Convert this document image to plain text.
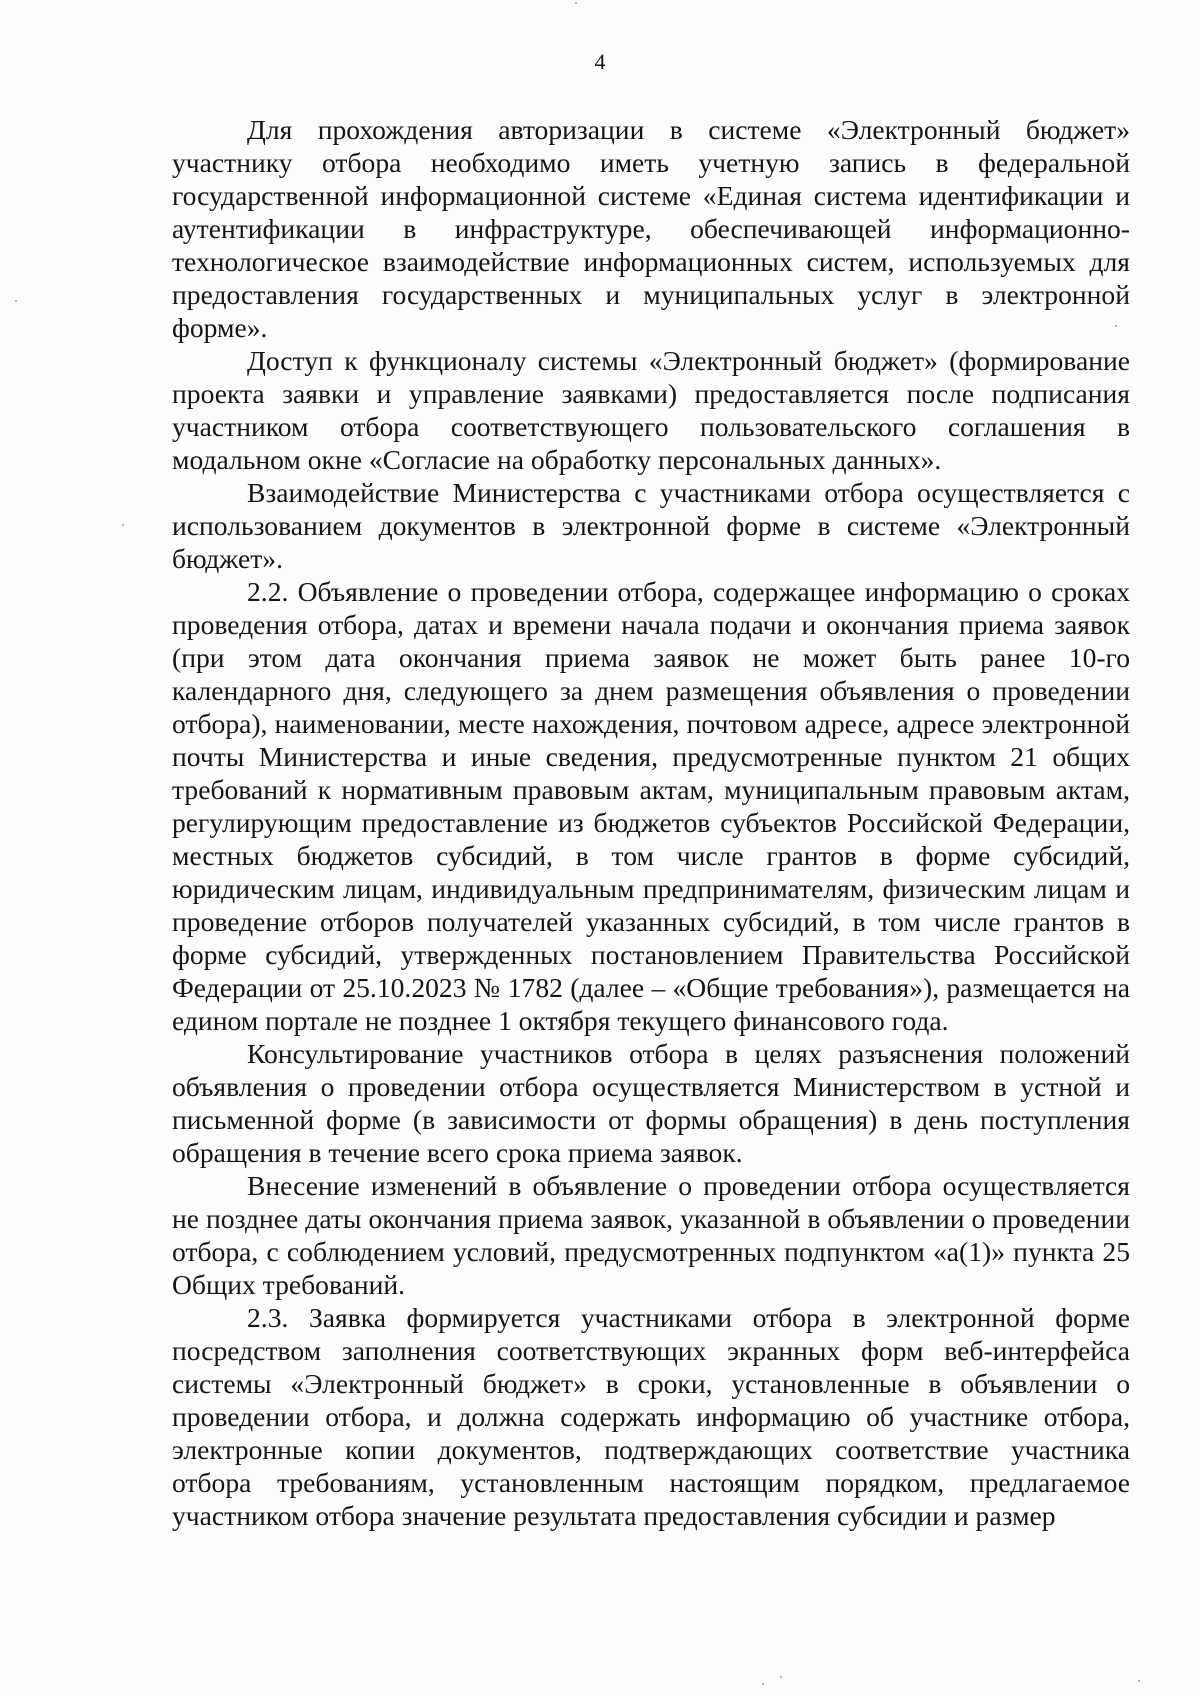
4

Для прохождения авторизации в системе «Электронный бюджет» участнику отбора необходимо иметь учетную запись в федеральной государственной информационной системе «Единая система идентификации и аутентификации в инфраструктуре, обеспечивающей информационно-технологическое взаимодействие информационных систем, используемых для предоставления государственных и муниципальных услуг в электронной форме».

Доступ к функционалу системы «Электронный бюджет» (формирование проекта заявки и управление заявками) предоставляется после подписания участником отбора соответствующего пользовательского соглашения в модальном окне «Согласие на обработку персональных данных».

Взаимодействие Министерства с участниками отбора осуществляется с использованием документов в электронной форме в системе «Электронный бюджет».

2.2. Объявление о проведении отбора, содержащее информацию о сроках проведения отбора, датах и времени начала подачи и окончания приема заявок (при этом дата окончания приема заявок не может быть ранее 10-го календарного дня, следующего за днем размещения объявления о проведении отбора), наименовании, месте нахождения, почтовом адресе, адресе электронной почты Министерства и иные сведения, предусмотренные пунктом 21 общих требований к нормативным правовым актам, муниципальным правовым актам, регулирующим предоставление из бюджетов субъектов Российской Федерации, местных бюджетов субсидий, в том числе грантов в форме субсидий, юридическим лицам, индивидуальным предпринимателям, физическим лицам и проведение отборов получателей указанных субсидий, в том числе грантов в форме субсидий, утвержденных постановлением Правительства Российской Федерации от 25.10.2023 № 1782 (далее – «Общие требования»), размещается на едином портале не позднее 1 октября текущего финансового года.

Консультирование участников отбора в целях разъяснения положений объявления о проведении отбора осуществляется Министерством в устной и письменной форме (в зависимости от формы обращения) в день поступления обращения в течение всего срока приема заявок.

Внесение изменений в объявление о проведении отбора осуществляется не позднее даты окончания приема заявок, указанной в объявлении о проведении отбора, с соблюдением условий, предусмотренных подпунктом «а(1)» пункта 25 Общих требований.

2.3. Заявка формируется участниками отбора в электронной форме посредством заполнения соответствующих экранных форм веб-интерфейса системы «Электронный бюджет» в сроки, установленные в объявлении о проведении отбора, и должна содержать информацию об участнике отбора, электронные копии документов, подтверждающих соответствие участника отбора требованиям, установленным настоящим порядком, предлагаемое участником отбора значение результата предоставления субсидии и размер
